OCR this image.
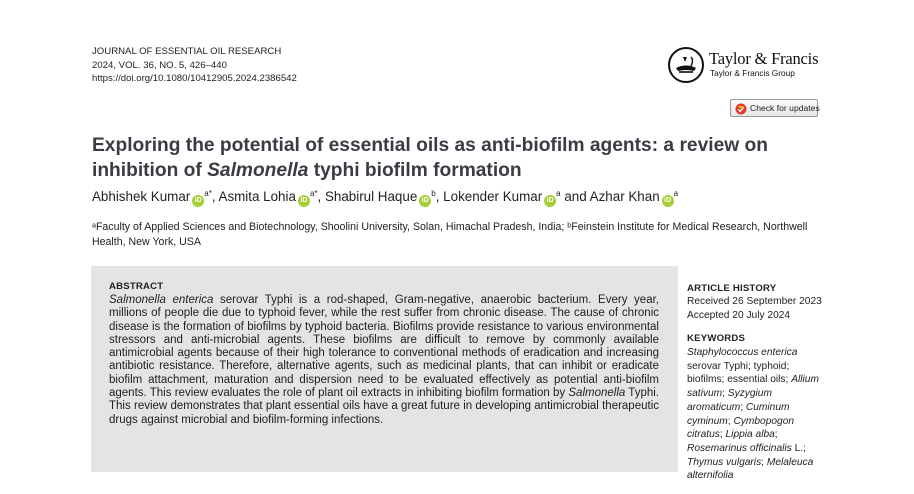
JOURNAL OF ESSENTIAL OIL RESEARCH
2024, VOL. 36, NO. 5, 426–440
https://doi.org/10.1080/10412905.2024.2386542
Taylor & Francis
Taylor & Francis Group
Check for updates
Exploring the potential of essential oils as anti-biofilm agents: a review on inhibition of Salmonella typhi biofilm formation
Abhishek Kumar iD$^{a*}$, Asmita Lohia iD$^{a*}$, Shabirul Haque iD$^b$, Lokender Kumar iD$^a$ and Azhar Khan iD$^a$
ᵃFaculty of Applied Sciences and Biotechnology, Shoolini University, Solan, Himachal Pradesh, India; ᵇFeinstein Institute for Medical Research, Northwell Health, New York, USA
ABSTRACT
Salmonella enterica serovar Typhi is a rod-shaped, Gram-negative, anaerobic bacterium. Every year, millions of people die due to typhoid fever, while the rest suffer from chronic disease. The cause of chronic disease is the formation of biofilms by typhoid bacteria. Biofilms provide resistance to various environmental stressors and anti-microbial agents. These biofilms are difficult to remove by commonly available antimicrobial agents because of their high tolerance to conventional methods of eradication and increasing antibiotic resistance. Therefore, alternative agents, such as medicinal plants, that can inhibit or eradicate biofilm attachment, maturation and dispersion need to be evaluated effectively as potential anti-biofilm agents. This review evaluates the role of plant oil extracts in inhibiting biofilm formation by Salmonella Typhi. This review demonstrates that plant essential oils have a great future in developing antimicrobial therapeutic drugs against microbial and biofilm-forming infections.
ARTICLE HISTORY
Received 26 September 2023
Accepted 20 July 2024
KEYWORDS
Staphylococcus enterica serovar Typhi; typhoid; biofilms; essential oils; Allium sativum; Syzygium aromaticum; Cuminum cyminum; Cymbopogon citratus; Lippia alba; Rosemarinus officinalis L.; Thymus vulgaris; Melaleuca alternifolia
